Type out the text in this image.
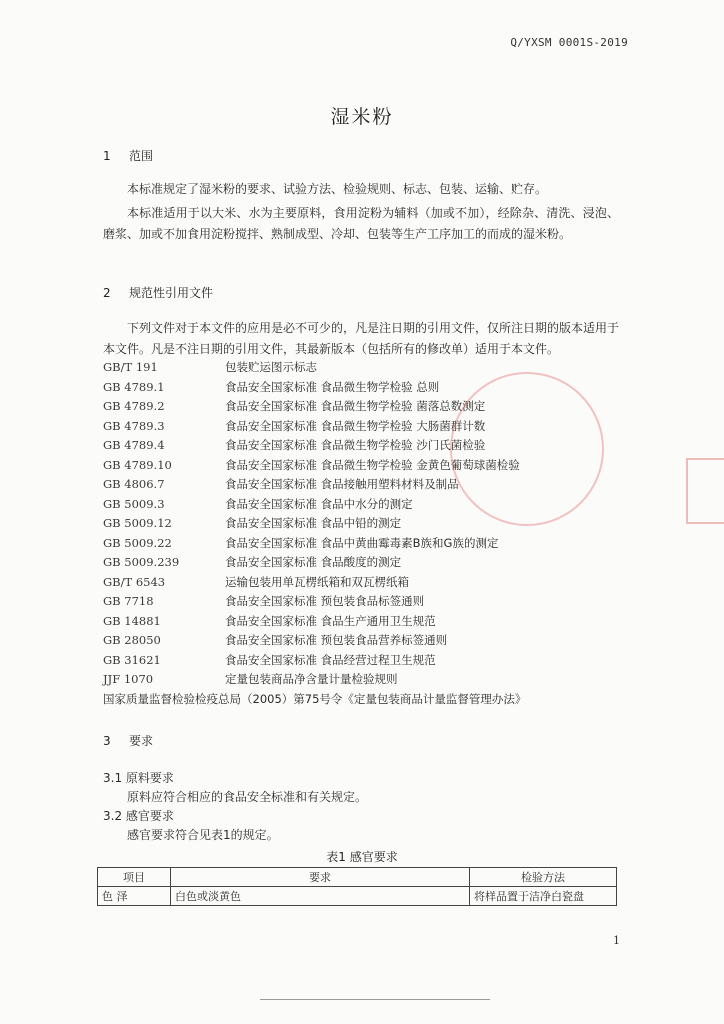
Q/YXSM 0001S-2019
湿米粉
1 范围
本标准规定了湿米粉的要求、试验方法、检验规则、标志、包装、运输、贮存。
本标准适用于以大米、水为主要原料，食用淀粉为辅料（加或不加），经除杂、清洗、浸泡、磨浆、加或不加食用淀粉搅拌、熟制成型、冷却、包装等生产工序加工的而成的湿米粉。
2 规范性引用文件
下列文件对于本文件的应用是必不可少的，凡是注日期的引用文件，仅所注日期的版本适用于本文件。凡是不注日期的引用文件，其最新版本（包括所有的修改单）适用于本文件。
GB/T 191	包装贮运图示标志
GB 4789.1	食品安全国家标准 食品微生物学检验 总则
GB 4789.2	食品安全国家标准 食品微生物学检验 菌落总数测定
GB 4789.3	食品安全国家标准 食品微生物学检验 大肠菌群计数
GB 4789.4	食品安全国家标准 食品微生物学检验 沙门氏菌检验
GB 4789.10	食品安全国家标准 食品微生物学检验 金黄色葡萄球菌检验
GB 4806.7	食品安全国家标准 食品接触用塑料材料及制品
GB 5009.3	食品安全国家标准 食品中水分的测定
GB 5009.12	食品安全国家标准 食品中铅的测定
GB 5009.22	食品安全国家标准 食品中黄曲霉毒素B族和G族的测定
GB 5009.239	食品安全国家标准 食品酸度的测定
GB/T 6543	运输包装用单瓦楞纸箱和双瓦楞纸箱
GB 7718	食品安全国家标准 预包装食品标签通则
GB 14881	食品安全国家标准 食品生产通用卫生规范
GB 28050	食品安全国家标准 预包装食品营养标签通则
GB 31621	食品安全国家标准 食品经营过程卫生规范
JJF 1070	定量包装商品净含量计量检验规则
国家质量监督检验检疫总局（2005）第75号令《定量包装商品计量监督管理办法》
3 要求
3.1 原料要求
原料应符合相应的食品安全标准和有关规定。
3.2 感官要求
感官要求符合见表1的规定。
表1 感官要求
项目	要求	检验方法
色 泽	白色或淡黄色	将样品置于洁净白瓷盘
1
